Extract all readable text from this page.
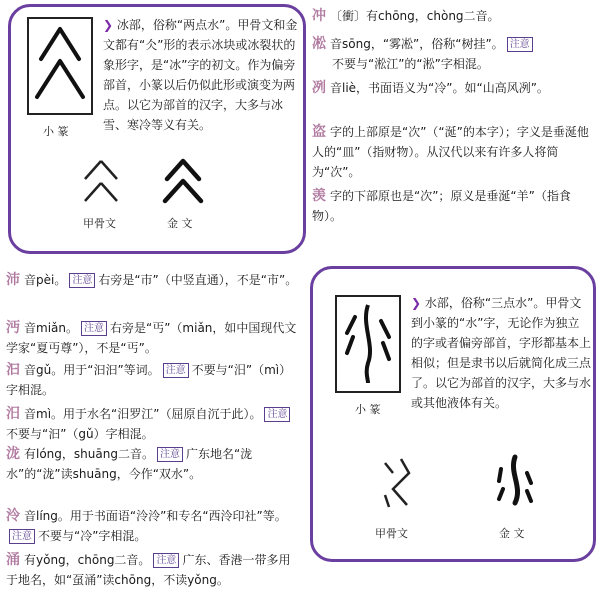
小 篆
❯ 冰部，俗称“两点水”。甲骨文和金文都有“仌”形的表示冰块或冰裂状的象形字，是“冰”字的初文。作为偏旁部首，小篆以后仍似此形或演变为两点。以它为部首的汉字，大多与冰雪、寒冷等义有关。
甲骨文	金 文
冲 〔衝〕有chōng，chòng二音。
凇 音sōng，“雾凇”，俗称“树挂”。 注意
不要与“淞江”的“淞”字相混。
冽 音liè，书面语义为“冷”。如“山高风冽”。
盗 字的上部原是“次”（“涎”的本字）；字义是垂涎他人的“皿”（指财物）。从汉代以来有许多人将简为“次”。
羡 字的下部原也是“次”；原义是垂涎“羊”（指食物）。
沛 音pèi。 注意 右旁是“巿”（中竖直通），不是“市”。
沔 音miǎn。 注意 右旁是“丐”（miǎn，如中国现代文学家“夏丏尊”），不是“丐”。
汩 音gǔ。用于“汩汩”等词。 注意 不要与“汨”（mì）字相混。
汨 音mì。用于水名“汨罗江”（屈原自沉于此）。 注意不要与“汩”（gǔ）字相混。
泷 有lóng，shuāng二音。 注意 广东地名“泷水”的“泷”读shuāng，今作“双水”。
泠 音líng。用于书面语“泠泠”和专名“西泠印社”等。注意 不要与“冷”字相混。
涌 有yǒng，chōng二音。 注意 广东、香港一带多用于地名，如“虿涌”读chōng，不读yǒng。
小 篆
❯ 水部，俗称“三点水”。甲骨文到小篆的“水”字，无论作为独立的字或者偏旁部首，字形都基本上相似；但是隶书以后就简化成三点了。以它为部首的汉字，大多与水或其他液体有关。
甲骨文	金 文
